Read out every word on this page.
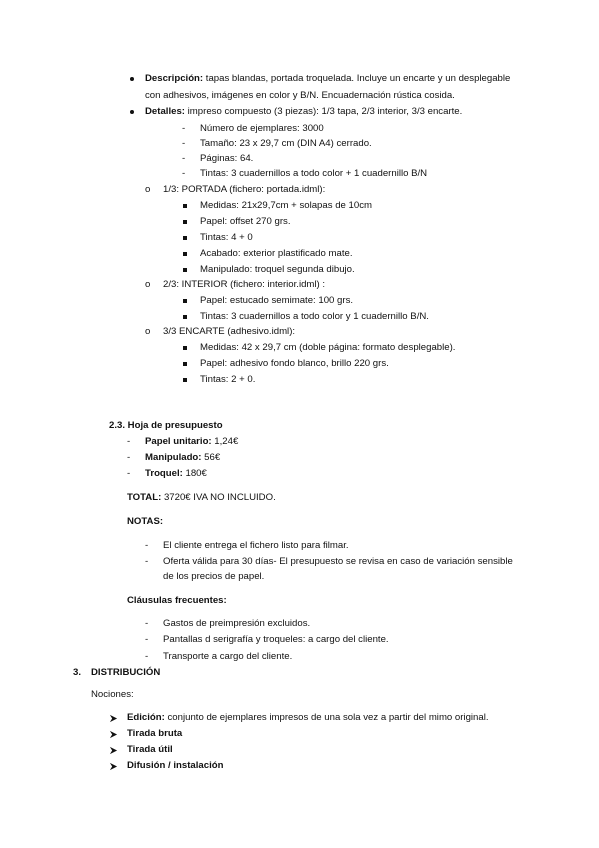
Descripción: tapas blandas, portada troquelada. Incluye un encarte y un desplegable
con adhesivos, imágenes en color y B/N. Encuadernación rústica cosida.
Detalles: impreso compuesto (3 piezas): 1/3 tapa, 2/3 interior, 3/3 encarte.
- Número de ejemplares: 3000
- Tamaño: 23 x 29,7 cm (DIN A4) cerrado.
- Páginas: 64.
- Tintas: 3 cuadernillos a todo color + 1 cuadernillo B/N
o 1/3: PORTADA (fichero: portada.idml):
Medidas: 21x29,7cm + solapas de 10cm
Papel: offset 270 grs.
Tintas: 4 + 0
Acabado: exterior plastificado mate.
Manipulado: troquel segunda dibujo.
o 2/3: INTERIOR (fichero: interior.idml) :
Papel: estucado semimate: 100 grs.
Tintas: 3 cuadernillos a todo color y 1 cuadernillo B/N.
o 3/3 ENCARTE (adhesivo.idml):
Medidas: 42 x 29,7 cm (doble página: formato desplegable).
Papel: adhesivo fondo blanco, brillo 220 grs.
Tintas: 2 + 0.
2.3. Hoja de presupuesto
- Papel unitario: 1,24€
- Manipulado: 56€
- Troquel: 180€
TOTAL: 3720€ IVA NO INCLUIDO.
NOTAS:
- El cliente entrega el fichero listo para filmar.
- Oferta válida para 30 días- El presupuesto se revisa en caso de variación sensible
de los precios de papel.
Cláusulas frecuentes:
- Gastos de preimpresión excluidos.
- Pantallas d serigrafía y troqueles: a cargo del cliente.
- Transporte a cargo del cliente.
3. DISTRIBUCIÓN
Nociones:
Edición: conjunto de ejemplares impresos de una sola vez a partir del mimo original.
Tirada bruta
Tirada útil
Difusión / instalación
